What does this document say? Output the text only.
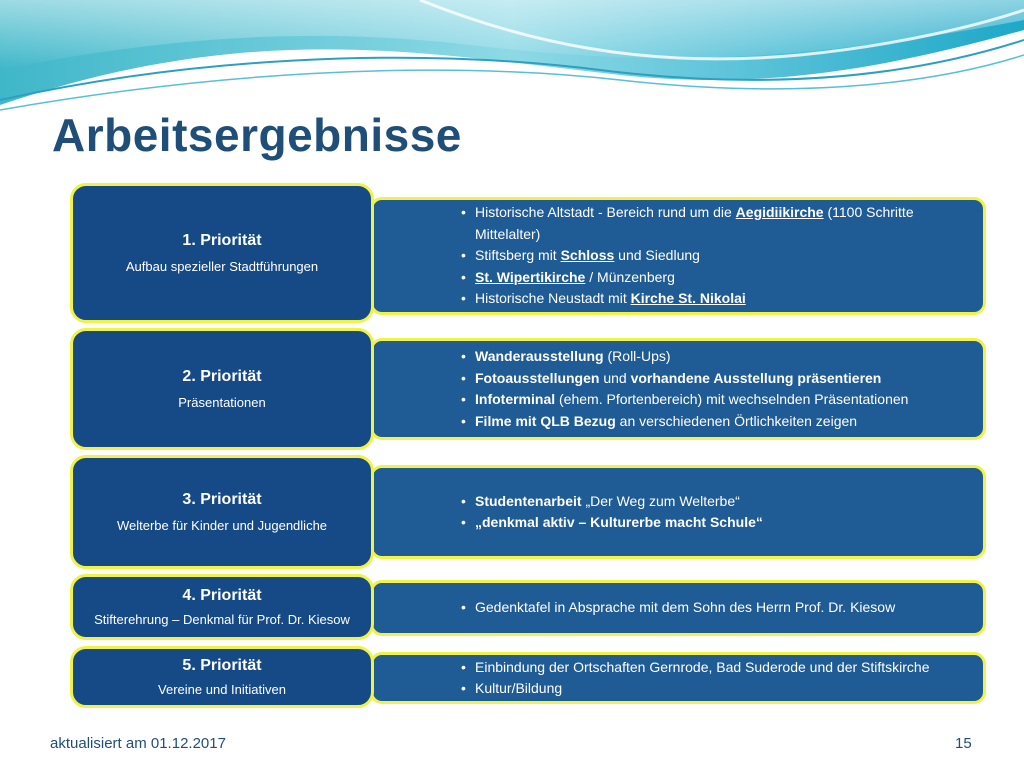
Arbeitsergebnisse
• Historische Altstadt - Bereich rund um die Aegidiikirche (1100 Schritte Mittelalter)
• Stiftsberg mit Schloss und Siedlung
• St. Wipertikirche / Münzenberg
• Historische Neustadt mit Kirche St. Nikolai
1. Priorität
Aufbau spezieller Stadtführungen
• Wanderausstellung (Roll-Ups)
• Fotoausstellungen und vorhandene Ausstellung präsentieren
• Infoterminal (ehem. Pfortenbereich) mit wechselnden Präsentationen
• Filme mit QLB Bezug an verschiedenen Örtlichkeiten zeigen
2. Priorität
Präsentationen
• Studentenarbeit „Der Weg zum Welterbe“
• „denkmal aktiv – Kulturerbe macht Schule“
3. Priorität
Welterbe für Kinder und Jugendliche
• Gedenktafel in Absprache mit dem Sohn des Herrn Prof. Dr. Kiesow
4. Priorität
Stifterehrung – Denkmal für Prof. Dr. Kiesow
• Einbindung der Ortschaften Gernrode, Bad Suderode und der Stiftskirche
• Kultur/Bildung
5. Priorität
Vereine und Initiativen
aktualisiert am 01.12.2017	15
